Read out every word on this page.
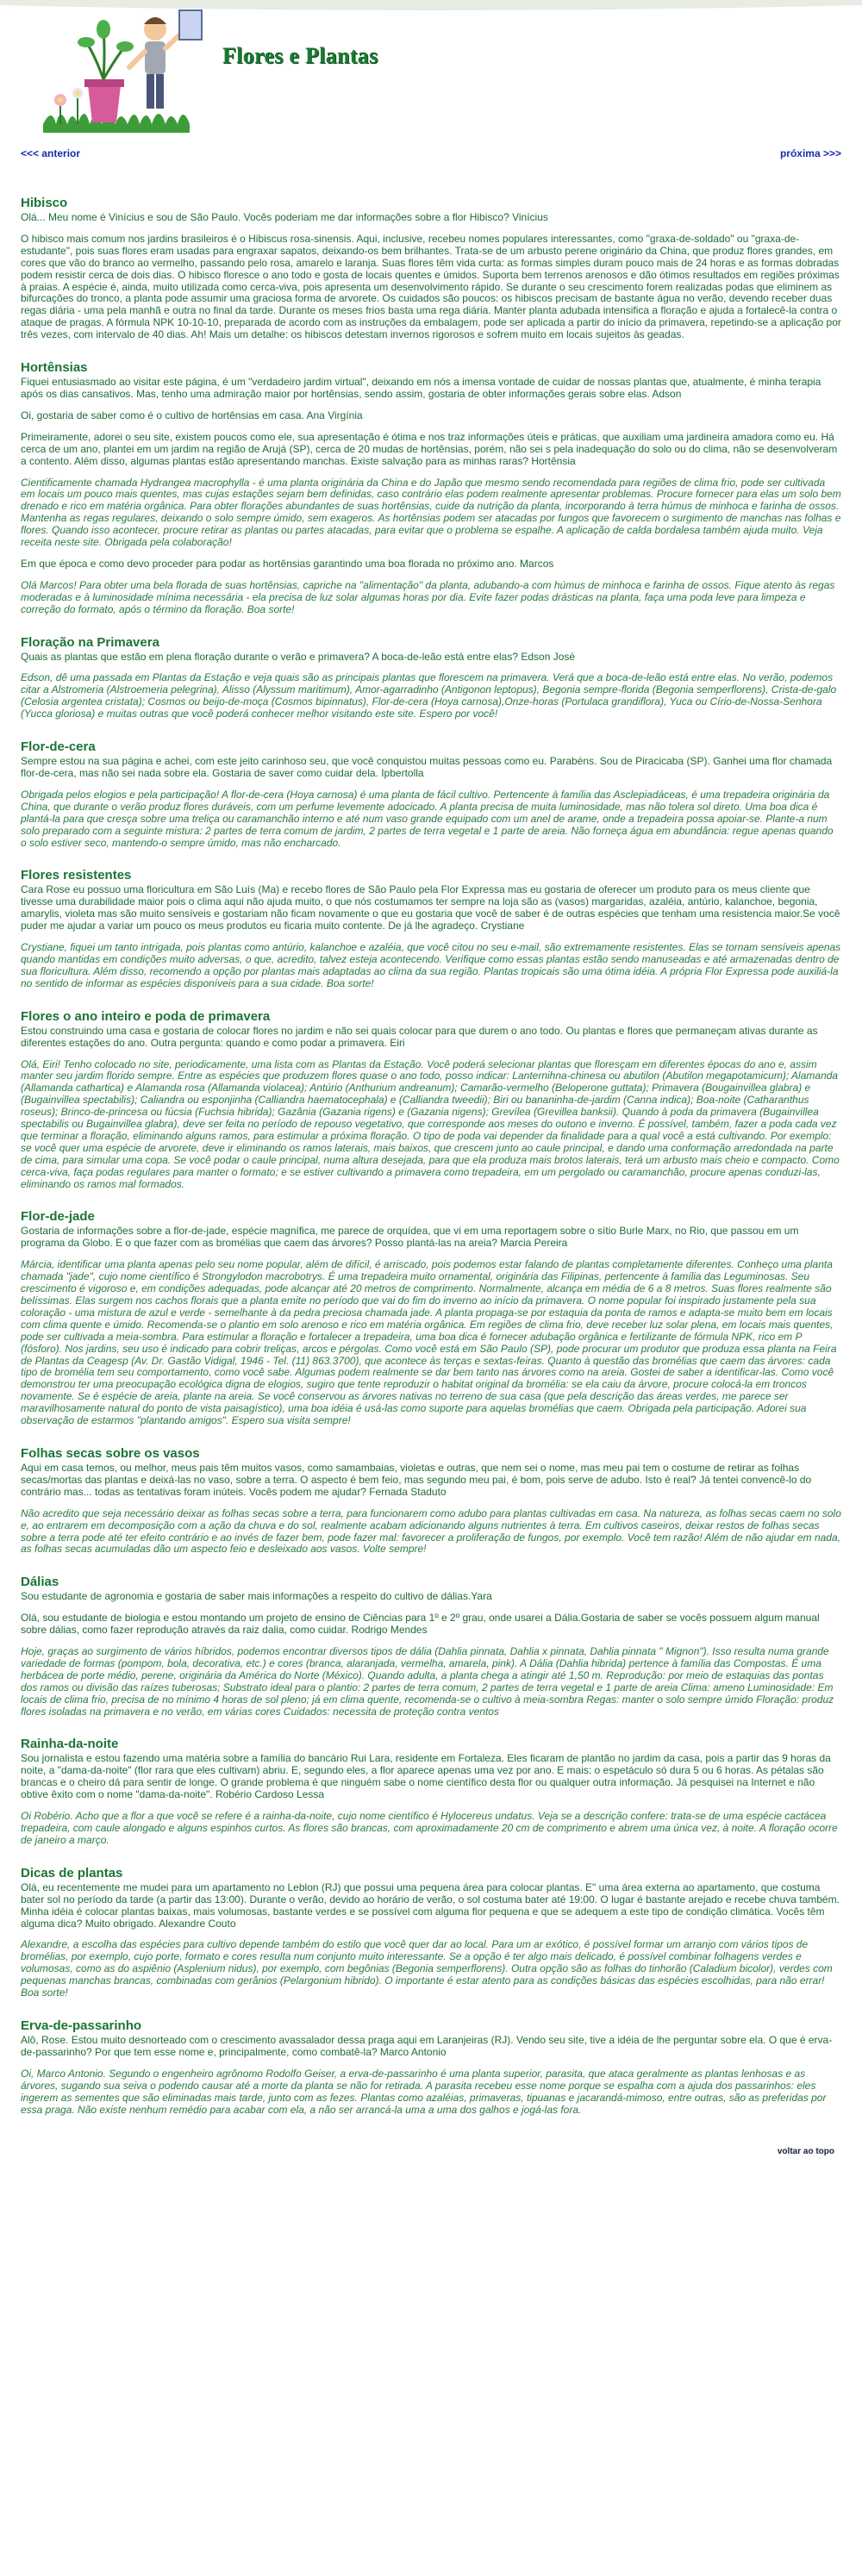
Flores e Plantas
<<< anterior	próxima >>>
Hibisco

Olá... Meu nome é Vinícius e sou de São Paulo. Vocês poderiam me dar informações sobre a flor Hibisco? Vinícius

O hibisco mais comum nos jardins brasileiros é o Hibiscus rosa-sinensis. Aqui, inclusive, recebeu nomes populares interessantes, como "graxa-de-soldado" ou "graxa-de-estudante", pois suas flores eram usadas para engraxar sapatos, deixando-os bem brilhantes. Trata-se de um arbusto perene originário da China, que produz flores grandes, em cores que vão do branco ao vermelho, passando pelo rosa, amarelo e laranja. Suas flores têm vida curta: as formas simples duram pouco mais de 24 horas e as formas dobradas podem resistir cerca de dois dias. O hibisco floresce o ano todo e gosta de locais quentes e úmidos. Suporta bem terrenos arenosos e dão ótimos resultados em regiões próximas à praias. A espécie é, ainda, muito utilizada como cerca-viva, pois apresenta um desenvolvimento rápido. Se durante o seu crescimento forem realizadas podas que eliminem as bifurcações do tronco, a planta pode assumir uma graciosa forma de arvorete. Os cuidados são poucos: os hibiscos precisam de bastante água no verão, devendo receber duas regas diária - uma pela manhã e outra no final da tarde. Durante os meses frios basta uma rega diária. Manter planta adubada intensifica a floração e ajuda a fortalecê-la contra o ataque de pragas. A fórmula NPK 10-10-10, preparada de acordo com as instruções da embalagem, pode ser aplicada a partir do início da primavera, repetindo-se a aplicação por três vezes, com intervalo de 40 dias. Ah! Mais um detalhe: os hibiscos detestam invernos rigorosos e sofrem muito em locais sujeitos às geadas.

Hortênsias

Fiquei entusiasmado ao visitar este página, é um "verdadeiro jardim virtual", deixando em nós a imensa vontade de cuidar de nossas plantas que, atualmente, é minha terapia após os dias cansativos. Mas, tenho uma admiração maior por hortênsias, sendo assim, gostaria de obter informações gerais sobre elas. Adson

Oi, gostaria de saber como é o cultivo de hortênsias em casa. Ana Virgínia

Primeiramente, adorei o seu site, existem poucos como ele, sua apresentação é ótima e nos traz informações úteis e práticas, que auxiliam uma jardineira amadora como eu. Há cerca de um ano, plantei em um jardim na região de Arujá (SP), cerca de 20 mudas de hortênsias, porém, não sei s pela inadequação do solo ou do clima, não se desenvolveram a contento. Além disso, algumas plantas estão apresentando manchas. Existe salvação para as minhas raras? Hortênsia

Cientificamente chamada Hydrangea macrophylla - é uma planta originária da China e do Japão que mesmo sendo recomendada para regiões de clima frio, pode ser cultivada em locais um pouco mais quentes, mas cujas estações sejam bem definidas, caso contrário elas podem realmente apresentar problemas. Procure fornecer para elas um solo bem drenado e rico em matéria orgânica. Para obter florações abundantes de suas hortênsias, cuide da nutrição da planta, incorporando à terra húmus de minhoca e farinha de ossos. Mantenha as regas regulares, deixando o solo sempre úmido, sem exageros. As hortênsias podem ser atacadas por fungos que favorecem o surgimento de manchas nas folhas e flores. Quando isso acontecer, procure retirar as plantas ou partes atacadas, para evitar que o problema se espalhe. A aplicação de calda bordalesa também ajuda muito. Veja receita neste site. Obrigada pela colaboração!

Em que época e como devo proceder para podar as hortênsias garantindo uma boa florada no próximo ano. Marcos

Olá Marcos! Para obter uma bela florada de suas hortênsias, capriche na "alimentação" da planta, adubando-a com húmus de minhoca e farinha de ossos. Fique atento às regas moderadas e à luminosidade mínima necessária - ela precisa de luz solar algumas horas por dia. Evite fazer podas drásticas na planta, faça uma poda leve para limpeza e correção do formato, após o término da floração. Boa sorte!

Floração na Primavera

Quais as plantas que estão em plena floração durante o verão e primavera? A boca-de-leão está entre elas? Edson José

Edson, dê uma passada em Plantas da Estação e veja quais são as principais plantas que florescem na primavera. Verá que a boca-de-leão está entre elas. No verão, podemos citar a Alstromeria (Alstroemeria pelegrina), Alisso (Alyssum maritimum), Amor-agarradinho (Antigonon leptopus), Begonia sempre-florida (Begonia semperflorens), Crista-de-galo (Celosia argentea cristata); Cosmos ou beijo-de-moça (Cosmos bipinnatus), Flor-de-cera (Hoya carnosa),Onze-horas (Portulaca grandiflora), Yuca ou Círio-de-Nossa-Senhora (Yucca gloriosa) e muitas outras que você poderá conhecer melhor visitando este site. Espero por você!

Flor-de-cera

Sempre estou na sua página e achei, com este jeito carinhoso seu, que você conquistou muitas pessoas como eu. Parabéns. Sou de Piracicaba (SP). Ganhei uma flor chamada flor-de-cera, mas não sei nada sobre ela. Gostaria de saver como cuidar dela. Ipbertolla

Obrigada pelos elogios e pela participação! A flor-de-cera (Hoya carnosa) é uma planta de fácil cultivo. Pertencente à família das Asclepiadáceas, é uma trepadeira originária da China, que durante o verão produz flores duráveis, com um perfume levemente adocicado. A planta precisa de muita luminosidade, mas não tolera sol direto. Uma boa dica é plantá-la para que cresça sobre uma treliça ou caramanchão interno e até num vaso grande equipado com um anel de arame, onde a trepadeira possa apoiar-se. Plante-a num solo preparado com a seguinte mistura: 2 partes de terra comum de jardim, 2 partes de terra vegetal e 1 parte de areia. Não forneça água em abundância: regue apenas quando o solo estiver seco, mantendo-o sempre úmido, mas não encharcado.

Flores resistentes

Cara Rose eu possuo uma floricultura em São Luís (Ma) e recebo flores de São Paulo pela Flor Expressa mas eu gostaria de oferecer um produto para os meus cliente que tivesse uma durabilidade maior pois o clima aqui não ajuda muito, o que nós costumamos ter sempre na loja são as (vasos) margaridas, azaléia, antúrio, kalanchoe, begonia, amarylis, violeta mas são muito sensíveis e gostariam não ficam novamente o que eu gostaria que você de saber é de outras espécies que tenham uma resistencia maior.Se você puder me ajudar a variar um pouco os meus produtos eu ficaria muito contente. De já lhe agradeço. Crystiane

Crystiane, fiquei um tanto intrigada, pois plantas como antúrio, kalanchoe e azaléia, que você citou no seu e-mail, são extremamente resistentes. Elas se tornam sensíveis apenas quando mantidas em condições muito adversas, o que, acredito, talvez esteja acontecendo. Verifique como essas plantas estão sendo manuseadas e até armazenadas dentro de sua floricultura. Além disso, recomendo a opção por plantas mais adaptadas ao clima da sua região. Plantas tropicais são uma ótima idéia. A própria Flor Expressa pode auxiliá-la no sentido de informar as espécies disponíveis para a sua cidade. Boa sorte!

Flores o ano inteiro e poda de primavera

Estou construindo uma casa e gostaria de colocar flores no jardim e não sei quais colocar para que durem o ano todo. Ou plantas e flores que permaneçam ativas durante as diferentes estações do ano. Outra pergunta: quando e como podar a primavera. Eiri

Olá, Eiri! Tenho colocado no site, periodicamente, uma lista com as Plantas da Estação. Você poderá selecionar plantas que floresçam em diferentes épocas do ano e, assim manter seu jardim florido sempre. Entre as espécies que produzem flores quase o ano todo, posso indicar: Lanternihna-chinesa ou abutilon (Abutilon megapotamicum); Alamanda (Allamanda cathartica) e Alamanda rosa (Allamanda violacea); Antúrio (Anthurium andreanum); Camarão-vermelho (Beloperone guttata); Primavera (Bougainvillea glabra) e (Bugainvillea spectabilis); Caliandra ou esponjinha (Calliandra haematocephala) e (Calliandra tweedii); Biri ou bananinha-de-jardim (Canna indica); Boa-noite (Catharanthus roseus); Brinco-de-princesa ou fúcsia (Fuchsia hibrida); Gazânia (Gazania rigens) e (Gazania nigens); Grevílea (Grevillea banksii). Quando à poda da primavera (Bugainvillea spectabilis ou Bugainvillea glabra), deve ser feita no período de repouso vegetativo, que corresponde aos meses do outono e inverno. É possível, também, fazer a poda cada vez que terminar a floração, eliminando alguns ramos, para estimular a próxima floração. O tipo de poda vai depender da finalidade para a qual você a está cultivando. Por exemplo: se você quer uma espécie de arvorete, deve ir eliminando os ramos laterais, mais baixos, que crescem junto ao caule principal, e dando uma conformação arredondada na parte de cima, para simular uma copa. Se você podar o caule principal, numa altura desejada, para que ela produza mais brotos laterais, terá um arbusto mais cheio e compacto. Como cerca-viva, faça podas regulares para manter o formato; e se estiver cultivando a primavera como trepadeira, em um pergolado ou caramanchão, procure apenas conduzi-las, eliminando os ramos mal formados.

Flor-de-jade

Gostaria de informações sobre a flor-de-jade, espécie magnífica, me parece de orquídea, que vi em uma reportagem sobre o sítio Burle Marx, no Rio, que passou em um programa da Globo. E o que fazer com as bromélias que caem das árvores? Posso plantá-las na areia? Marcia Pereira

Márcia, identificar uma planta apenas pelo seu nome popular, além de difícil, é arriscado, pois podemos estar falando de plantas completamente diferentes. Conheço uma planta chamada "jade", cujo nome científico é Strongylodon macrobotrys. É uma trepadeira muito ornamental, originária das Filipinas, pertencente à família das Leguminosas. Seu crescimento é vigoroso e, em condições adequadas, pode alcançar até 20 metros de comprimento. Normalmente, alcança em média de 6 a 8 metros. Suas flores realmente são belíssimas. Elas surgem nos cachos florais que a planta emite no período que vai do fim do inverno ao início da primavera. O nome popular foi inspirado justamente pela sua coloração - uma mistura de azul e verde - semelhante à da pedra preciosa chamada jade. A planta propaga-se por estaquia da ponta de ramos e adapta-se muito bem em locais com clima quente e úmido. Recomenda-se o plantio em solo arenoso e rico em matéria orgânica. Em regiões de clima frio, deve receber luz solar plena, em locais mais quentes, pode ser cultivada a meia-sombra. Para estimular a floração e fortalecer a trepadeira, uma boa dica é fornecer adubação orgânica e fertilizante de fórmula NPK, rico em P (fósforo). Nos jardins, seu uso é indicado para cobrir treliças, arcos e pérgolas. Como você está em São Paulo (SP), pode procurar um produtor que produza essa planta na Feira de Plantas da Ceagesp (Av. Dr. Gastão Vidigal, 1946 - Tel. (11) 863.3700), que acontece às terças e sextas-feiras. Quanto à questão das bromélias que caem das árvores: cada tipo de bromélia tem seu comportamento, como você sabe. Algumas podem realmente se dar bem tanto nas árvores como na areia. Gostei de saber a identificar-las. Como você demonstrou ter uma preocupação ecológica digna de elogios, sugiro que tente reproduzir o habitat original da bromélia: se ela caiu da árvore, procure colocá-la em troncos novamente. Se é espécie de areia, plante na areia. Se você conservou as árvores nativas no terreno de sua casa (que pela descrição das áreas verdes, me parece ser maravilhosamente natural do ponto de vista paisagístico), uma boa idéia é usá-las como suporte para aquelas bromélias que caem. Obrigada pela participação. Adorei sua observação de estarmos "plantando amigos". Espero sua visita sempre!

Folhas secas sobre os vasos

Aqui em casa temos, ou melhor, meus pais têm muitos vasos, como samambaias, violetas e outras, que nem sei o nome, mas meu pai tem o costume de retirar as folhas secas/mortas das plantas e deixá-las no vaso, sobre a terra. O aspecto é bem feio, mas segundo meu pai, é bom, pois serve de adubo. Isto é real? Já tentei convencê-lo do contrário mas... todas as tentativas foram inúteis. Vocês podem me ajudar? Fernada Staduto

Não acredito que seja necessário deixar as folhas secas sobre a terra, para funcionarem como adubo para plantas cultivadas em casa. Na natureza, as folhas secas caem no solo e, ao entrarem em decomposição com a ação da chuva e do sol, realmente acabam adicionando alguns nutrientes à terra. Em cultivos caseiros, deixar restos de folhas secas sobre a terra pode até ter efeito contrário e ao invés de fazer bem, pode fazer mal: favorecer a proliferação de fungos, por exemplo. Você tem razão! Além de não ajudar em nada, as folhas secas acumuladas dão um aspecto feio e desleixado aos vasos. Volte sempre!

Dálias

Sou estudante de agronomia e gostaria de saber mais informações a respeito do cultivo de dálias.Yara

Olá, sou estudante de biologia e estou montando um projeto de ensino de Ciências para 1º e 2º grau, onde usarei a Dália.Gostaria de saber se vocês possuem algum manual sobre dálias, como fazer reprodução através da raiz dalia, como cuidar. Rodrigo Mendes

Hoje, graças ao surgimento de vários híbridos, podemos encontrar diversos tipos de dália (Dahlia pinnata, Dahlia x pinnata, Dahlia pinnata " Mignon"). Isso resulta numa grande variedade de formas (pompom, bola, decorativa, etc.) e cores (branca, alaranjada, vermelha, amarela, pink). A Dália (Dahlia hibrida) pertence à família das Compostas. É uma herbácea de porte médio, perene, originária da América do Norte (México). Quando adulta, a planta chega a atingir até 1,50 m. Reprodução: por meio de estaquias das pontas dos ramos ou divisão das raízes tuberosas; Substrato ideal para o plantio: 2 partes de terra comum, 2 partes de terra vegetal e 1 parte de areia Clima: ameno Luminosidade: Em locais de clima frio, precisa de no mínimo 4 horas de sol pleno; já em clima quente, recomenda-se o cultivo à meia-sombra Regas: manter o solo sempre úmido Floração: produz flores isoladas na primavera e no verão, em várias cores Cuidados: necessita de proteção contra ventos

Rainha-da-noite

Sou jornalista e estou fazendo uma matéria sobre a família do bancário Rui Lara, residente em Fortaleza. Eles ficaram de plantão no jardim da casa, pois a partir das 9 horas da noite, a "dama-da-noite" (flor rara que eles cultivam) abriu. E, segundo eles, a flor aparece apenas uma vez por ano. E mais: o espetáculo só dura 5 ou 6 horas. As pétalas são brancas e o cheiro dá para sentir de longe. O grande problema é que ninguém sabe o nome científico desta flor ou qualquer outra informação. Já pesquisei na Internet e não obtive êxito com o nome "dama-da-noite". Robério Cardoso Lessa

Oi Robério. Acho que a flor a que você se refere é a rainha-da-noite, cujo nome científico é Hylocereus undatus. Veja se a descrição confere: trata-se de uma espécie cactácea trepadeira, com caule alongado e alguns espinhos curtos. As flores são brancas, com aproximadamente 20 cm de comprimento e abrem uma única vez, à noite. A floração ocorre de janeiro a março.

Dicas de plantas

Olá, eu recentemente me mudei para um apartamento no Leblon (RJ) que possui uma pequena área para colocar plantas. E" uma área externa ao apartamento, que costuma bater sol no período da tarde (a partir das 13:00). Durante o verão, devido ao horário de verão, o sol costuma bater até 19:00. O lugar é bastante arejado e recebe chuva também. Minha idéia é colocar plantas baixas, mais volumosas, bastante verdes e se possível com alguma flor pequena e que se adequem a este tipo de condição climática. Vocês têm alguma dica? Muito obrigado. Alexandre Couto

Alexandre, a escolha das espécies para cultivo depende também do estilo que você quer dar ao local. Para um ar exótico, é possível formar um arranjo com vários tipos de bromélias, por exemplo, cujo porte, formato e cores resulta num conjunto muito interessante. Se a opção é ter algo mais delicado, é possível combinar folhagens verdes e volumosas, como as do aspiênio (Asplenium nidus), por exemplo, com begônias (Begonia semperflorens). Outra opção são as folhas do tinhorão (Caladium bicolor), verdes com pequenas manchas brancas, combinadas com gerânios (Pelargonium hibrido). O importante é estar atento para as condições básicas das espécies escolhidas, para não errar! Boa sorte!

Erva-de-passarinho

Alô, Rose. Estou muito desnorteado com o crescimento avassalador dessa praga aqui em Laranjeiras (RJ). Vendo seu site, tive a idéia de lhe perguntar sobre ela. O que é erva-de-passarinho? Por que tem esse nome e, principalmente, como combatê-la? Marco Antonio

Oi, Marco Antonio. Segundo o engenheiro agrônomo Rodolfo Geiser, a erva-de-passarinho é uma planta superior, parasita, que ataca geralmente as plantas lenhosas e as árvores, sugando sua seiva o podendo causar até a morte da planta se não for retirada. A parasita recebeu esse nome porque se espalha com a ajuda dos passarinhos: eles ingerem as sementes que são eliminadas mais tarde, junto com as fezes. Plantas como azaléias, primaveras, tipuanas e jacarandá-mimoso, entre outras, são as preferidas por essa praga. Não existe nenhum remédio para acabar com ela, a não ser arrancá-la uma a uma dos galhos e jogá-las fora.

voltar ao topo
